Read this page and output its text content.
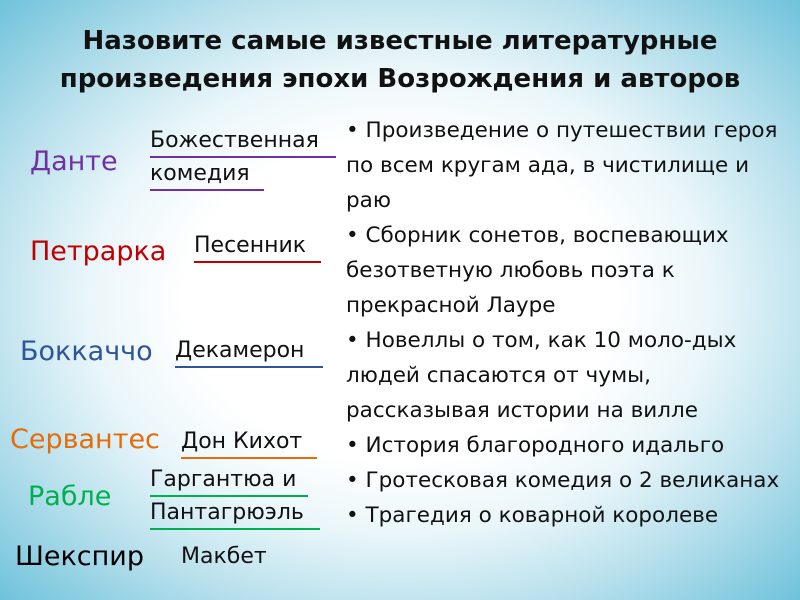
Назовите самые известные литературные
произведения эпохи Возрождения и авторов
Данте
Петрарка
Боккаччо
Сервантес
Рабле
Шекспир
Божественная
комедия
Песенник
Декамерон
Дон Кихот
Гаргантюа и
Пантагрюэль
Макбет

• Произведение о путешествии героя по всем кругам ада, в чистилище и раю

• Сборник сонетов, воспевающих безответную любовь поэта к прекрасной Лауре

• Новеллы о том, как 10 моло-дых людей спасаются от чумы, рассказывая истории на вилле

• История благородного идальго

• Гротесковая комедия о 2 великанах

• Трагедия о коварной королеве
